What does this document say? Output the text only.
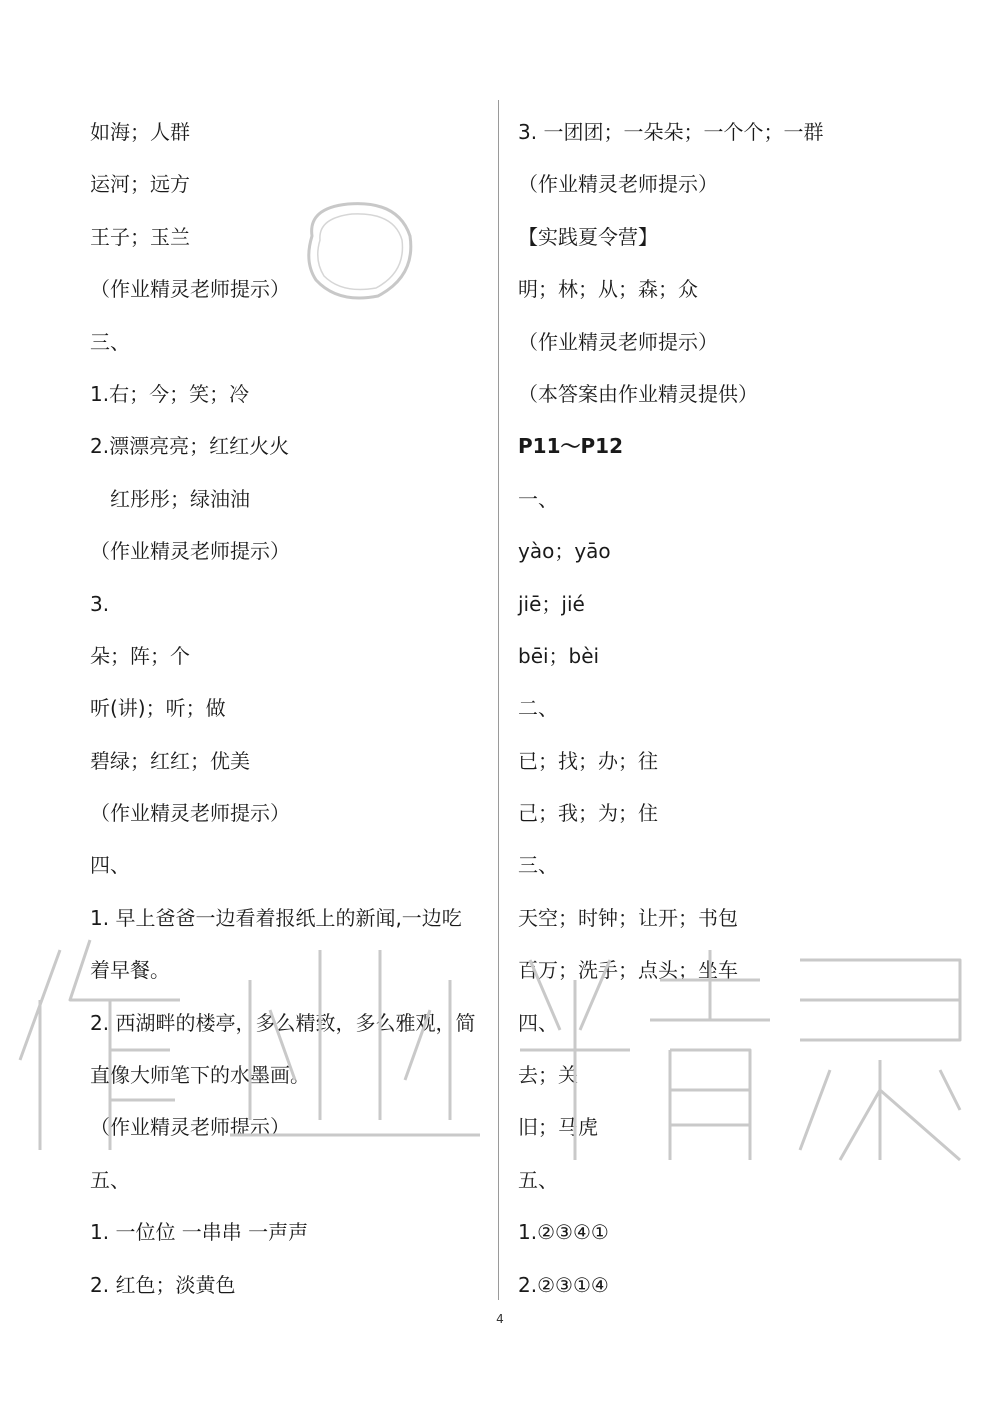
如海；人群
运河；远方
王子；玉兰
（作业精灵老师提示）
三、
1.右；今；笑；冷
2.漂漂亮亮；红红火火
红彤彤；绿油油
（作业精灵老师提示）
3.
朵；阵；个
听(讲)；听；做
碧绿；红红；优美
（作业精灵老师提示）
四、
1. 早上爸爸一边看着报纸上的新闻,一边吃
着早餐。
2. 西湖畔的楼亭，多么精致，多么雅观，简
直像大师笔下的水墨画。
（作业精灵老师提示）
五、
1. 一位位 一串串 一声声
2. 红色；淡黄色
3. 一团团；一朵朵；一个个；一群
（作业精灵老师提示）
【实践夏令营】
明；林；从；森；众
（作业精灵老师提示）
（本答案由作业精灵提供）
P11～P12
一、
yào；yāo
jiē；jié
bēi；bèi
二、
已；找；办；往
己；我；为；住
三、
天空；时钟；让开；书包
百万；洗手；点头；坐车
四、
去；关
旧；马虎
五、
1.②③④①
2.②③①④
4
